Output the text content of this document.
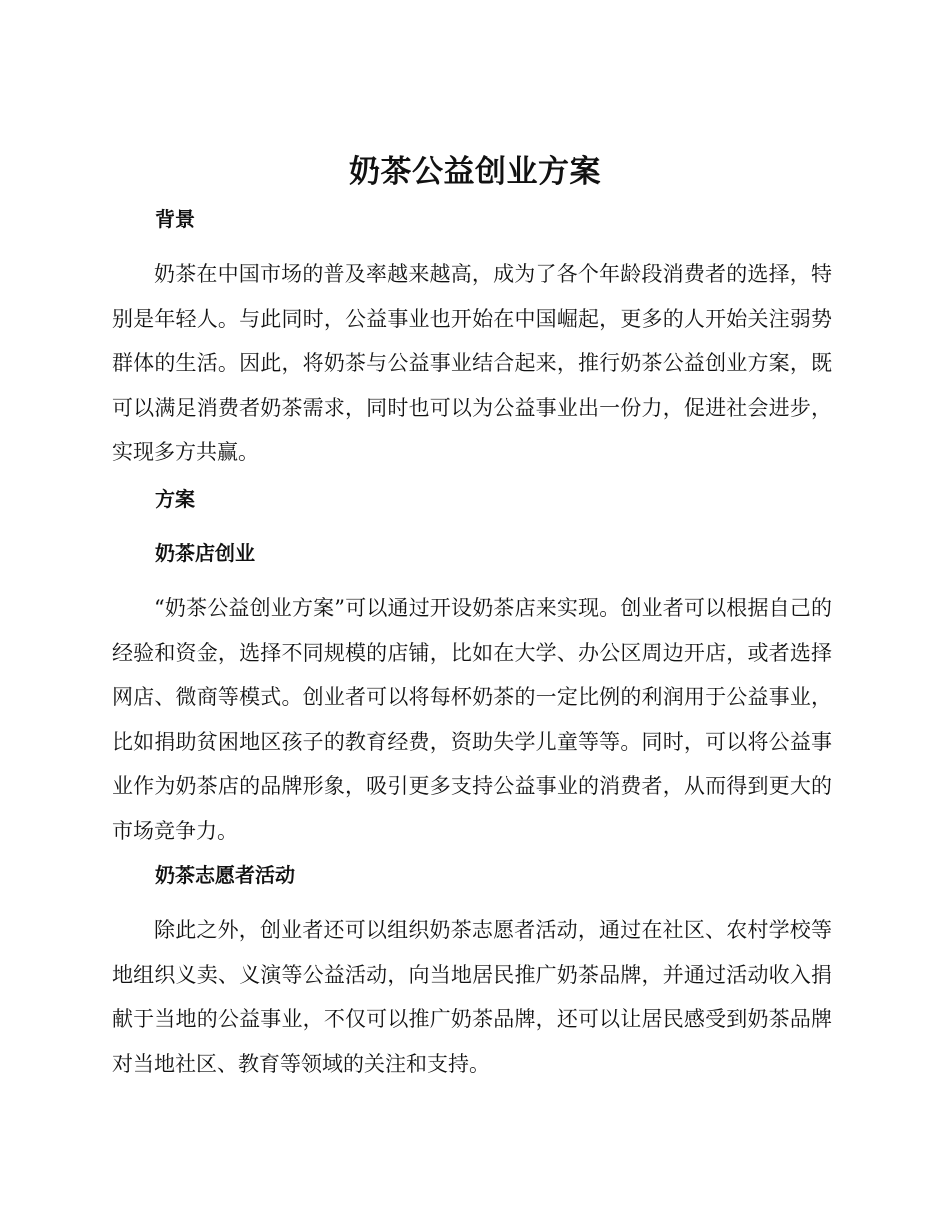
奶茶公益创业方案
背景

奶茶在中国市场的普及率越来越高，成为了各个年龄段消费者的选择，特别是年轻人。与此同时，公益事业也开始在中国崛起，更多的人开始关注弱势群体的生活。因此，将奶茶与公益事业结合起来，推行奶茶公益创业方案，既可以满足消费者奶茶需求，同时也可以为公益事业出一份力，促进社会进步，实现多方共赢。

方案
奶茶店创业

“奶茶公益创业方案”可以通过开设奶茶店来实现。创业者可以根据自己的经验和资金，选择不同规模的店铺，比如在大学、办公区周边开店，或者选择网店、微商等模式。创业者可以将每杯奶茶的一定比例的利润用于公益事业，比如捐助贫困地区孩子的教育经费，资助失学儿童等等。同时，可以将公益事业作为奶茶店的品牌形象，吸引更多支持公益事业的消费者，从而得到更大的市场竞争力。

奶茶志愿者活动

除此之外，创业者还可以组织奶茶志愿者活动，通过在社区、农村学校等地组织义卖、义演等公益活动，向当地居民推广奶茶品牌，并通过活动收入捐献于当地的公益事业，不仅可以推广奶茶品牌，还可以让居民感受到奶茶品牌对当地社区、教育等领域的关注和支持。
